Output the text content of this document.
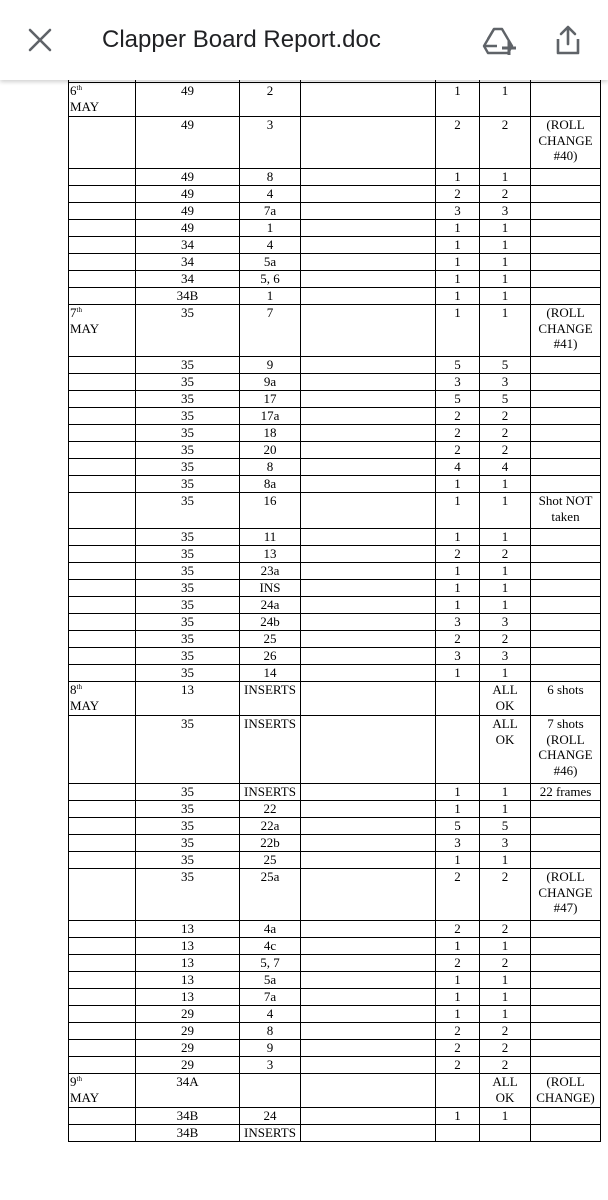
Clapper Board Report.doc

6th
MAY	49	2		1	1	
	49	3		2	2	(ROLL CHANGE #40)
	49	8		1	1	
	49	4		2	2	
	49	7a		3	3	
	49	1		1	1	
	34	4		1	1	
	34	5a		1	1	
	34	5, 6		1	1	
	34B	1		1	1	
7th
MAY	35	7		1	1	(ROLL CHANGE #41)
	35	9		5	5	
	35	9a		3	3	
	35	17		5	5	
	35	17a		2	2	
	35	18		2	2	
	35	20		2	2	
	35	8		4	4	
	35	8a		1	1	
	35	16		1	1	Shot NOT taken
	35	11		1	1	
	35	13		2	2	
	35	23a		1	1	
	35	INS		1	1	
	35	24a		1	1	
	35	24b		3	3	
	35	25		2	2	
	35	26		3	3	
	35	14		1	1	
8th
MAY	13	INSERTS			ALL OK	6 shots
	35	INSERTS			ALL OK	7 shots (ROLL CHANGE #46)
	35	INSERTS		1	1	22 frames
	35	22		1	1	
	35	22a		5	5	
	35	22b		3	3	
	35	25		1	1	
	35	25a		2	2	(ROLL CHANGE #47)
	13	4a		2	2	
	13	4c		1	1	
	13	5, 7		2	2	
	13	5a		1	1	
	13	7a		1	1	
	29	4		1	1	
	29	8		2	2	
	29	9		2	2	
	29	3		2	2	
9th
MAY	34A				ALL OK	(ROLL CHANGE)
	34B	24		1	1	
	34B	INSERTS				
